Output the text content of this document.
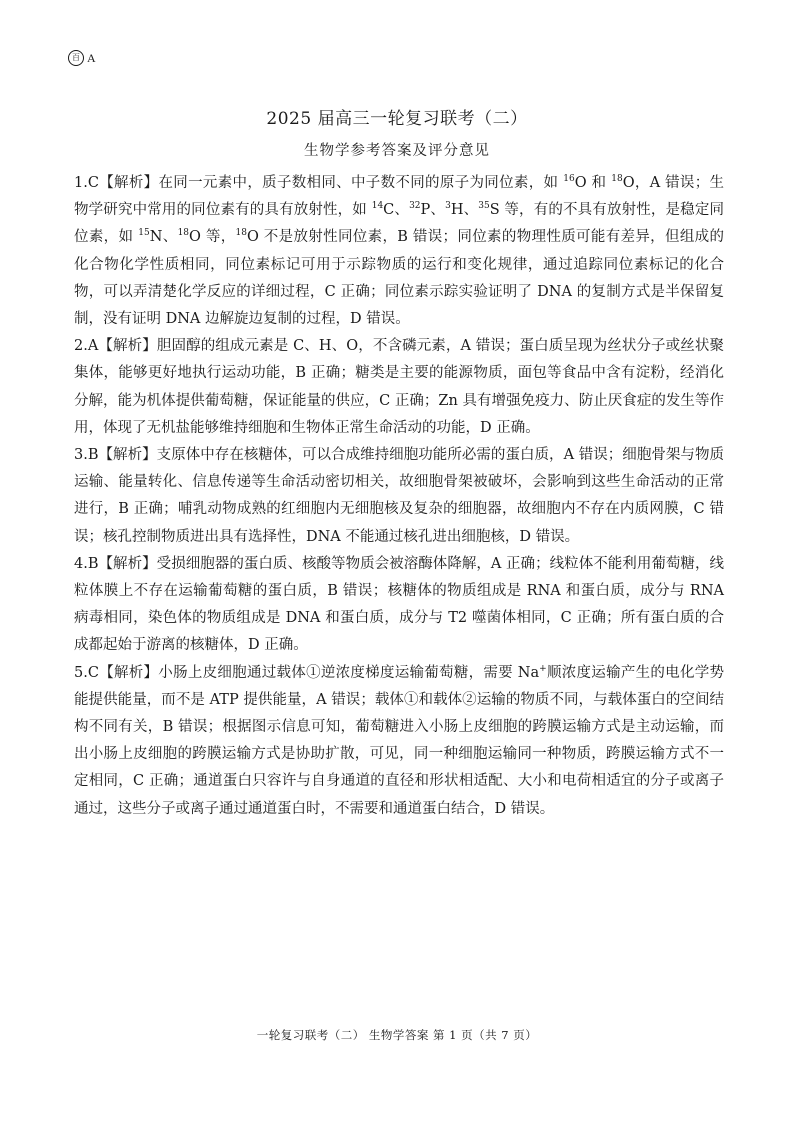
百 A
2025 届高三一轮复习联考（二）
生物学参考答案及评分意见

1.C【解析】在同一元素中，质子数相同、中子数不同的原子为同位素，如 $^{16}$O 和 $^{18}$O，A 错误；生物学研究中常用的同位素有的具有放射性，如 $^{14}$C、$^{32}$P、$^3$H、$^{35}$S 等，有的不具有放射性，是稳定同位素，如 $^{15}$N、$^{18}$O 等，$^{18}$O 不是放射性同位素，B 错误；同位素的物理性质可能有差异，但组成的化合物化学性质相同，同位素标记可用于示踪物质的运行和变化规律，通过追踪同位素标记的化合物，可以弄清楚化学反应的详细过程，C 正确；同位素示踪实验证明了 DNA 的复制方式是半保留复制，没有证明 DNA 边解旋边复制的过程，D 错误。

2.A【解析】胆固醇的组成元素是 C、H、O，不含磷元素，A 错误；蛋白质呈现为丝状分子或丝状聚集体，能够更好地执行运动功能，B 正确；糖类是主要的能源物质，面包等食品中含有淀粉，经消化分解，能为机体提供葡萄糖，保证能量的供应，C 正确；Zn 具有增强免疫力、防止厌食症的发生等作用，体现了无机盐能够维持细胞和生物体正常生命活动的功能，D 正确。

3.B【解析】支原体中存在核糖体，可以合成维持细胞功能所必需的蛋白质，A 错误；细胞骨架与物质运输、能量转化、信息传递等生命活动密切相关，故细胞骨架被破坏，会影响到这些生命活动的正常进行，B 正确；哺乳动物成熟的红细胞内无细胞核及复杂的细胞器，故细胞内不存在内质网膜，C 错误；核孔控制物质进出具有选择性，DNA 不能通过核孔进出细胞核，D 错误。

4.B【解析】受损细胞器的蛋白质、核酸等物质会被溶酶体降解，A 正确；线粒体不能利用葡萄糖，线粒体膜上不存在运输葡萄糖的蛋白质，B 错误；核糖体的物质组成是 RNA 和蛋白质，成分与 RNA 病毒相同，染色体的物质组成是 DNA 和蛋白质，成分与 T2 噬菌体相同，C 正确；所有蛋白质的合成都起始于游离的核糖体，D 正确。

5.C【解析】小肠上皮细胞通过载体①逆浓度梯度运输葡萄糖，需要 Na+顺浓度运输产生的电化学势能提供能量，而不是 ATP 提供能量，A 错误；载体①和载体②运输的物质不同，与载体蛋白的空间结构不同有关，B 错误；根据图示信息可知，葡萄糖进入小肠上皮细胞的跨膜运输方式是主动运输，而出小肠上皮细胞的跨膜运输方式是协助扩散，可见，同一种细胞运输同一种物质，跨膜运输方式不一定相同，C 正确；通道蛋白只容许与自身通道的直径和形状相适配、大小和电荷相适宜的分子或离子通过，这些分子或离子通过通道蛋白时，不需要和通道蛋白结合，D 错误。

一轮复习联考（二） 生物学答案 第 1 页（共 7 页）
